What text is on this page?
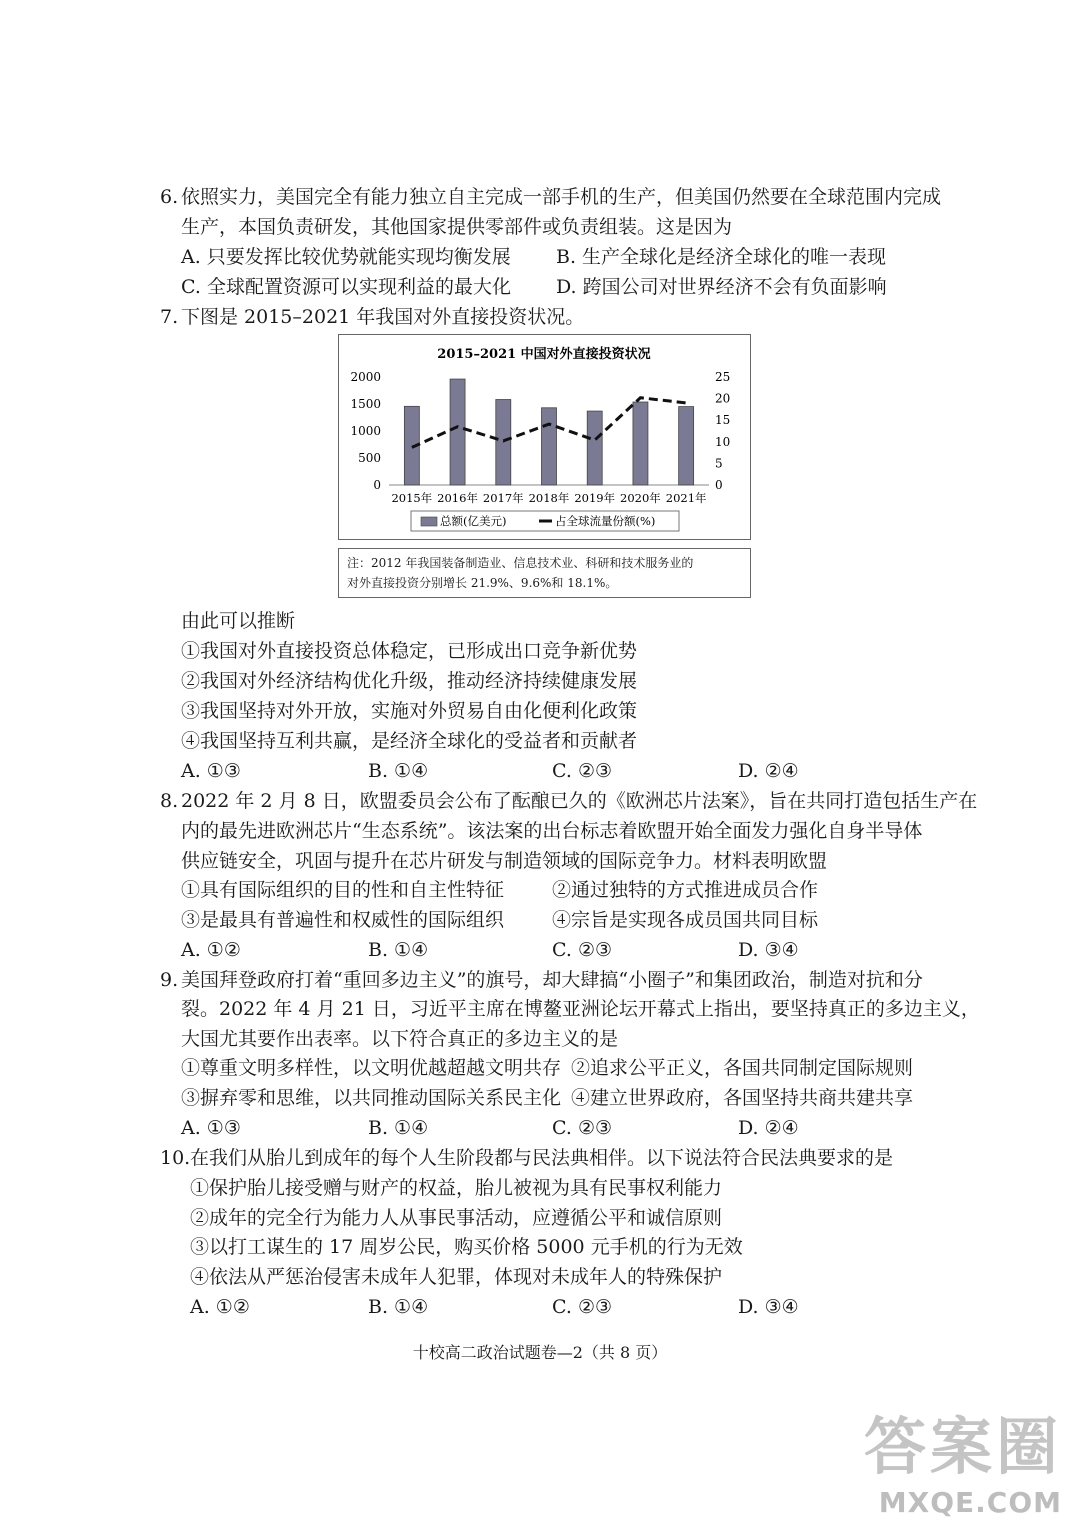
6. 依照实力，美国完全有能力独立自主完成一部手机的生产，但美国仍然要在全球范围内完成
生产，本国负责研发，其他国家提供零部件或负责组装。这是因为
A. 只要发挥比较优势就能实现均衡发展 B. 生产全球化是经济全球化的唯一表现
C. 全球配置资源可以实现利益的最大化 D. 跨国公司对世界经济不会有负面影响
7. 下图是 2015–2021 年我国对外直接投资状况。
2015–2021 中国对外直接投资状况
0
500
1000
1500
2000
0
5
10
15
20
25
2015年 2016年 2017年 2018年 2019年 2020年 2021年
总额(亿美元)	占全球流量份额(%)
注：2012 年我国装备制造业、信息技术业、科研和技术服务业的
对外直接投资分别增长 21.9%、9.6%和 18.1%。
由此可以推断
①我国对外直接投资总体稳定，已形成出口竞争新优势
②我国对外经济结构优化升级，推动经济持续健康发展
③我国坚持对外开放，实施对外贸易自由化便利化政策
④我国坚持互利共赢，是经济全球化的受益者和贡献者
A. ①③	B. ①④	C. ②③	D. ②④
8. 2022 年 2 月 8 日，欧盟委员会公布了酝酿已久的《欧洲芯片法案》，旨在共同打造包括生产在
内的最先进欧洲芯片“生态系统”。该法案的出台标志着欧盟开始全面发力强化自身半导体
供应链安全，巩固与提升在芯片研发与制造领域的国际竞争力。材料表明欧盟
①具有国际组织的目的性和自主性特征	②通过独特的方式推进成员合作
③是最具有普遍性和权威性的国际组织	④宗旨是实现各成员国共同目标
A. ①②	B. ①④	C. ②③	D. ③④
9. 美国拜登政府打着“重回多边主义”的旗号，却大肆搞“小圈子”和集团政治，制造对抗和分
裂。2022 年 4 月 21 日，习近平主席在博鳌亚洲论坛开幕式上指出，要坚持真正的多边主义，
大国尤其要作出表率。以下符合真正的多边主义的是
①尊重文明多样性，以文明优越超越文明共存 ②追求公平正义，各国共同制定国际规则
③摒弃零和思维，以共同推动国际关系民主化 ④建立世界政府，各国坚持共商共建共享
A. ①③	B. ①④	C. ②③	D. ②④
10. 在我们从胎儿到成年的每个人生阶段都与民法典相伴。以下说法符合民法典要求的是
①保护胎儿接受赠与财产的权益，胎儿被视为具有民事权利能力
②成年的完全行为能力人从事民事活动，应遵循公平和诚信原则
③以打工谋生的 17 周岁公民，购买价格 5000 元手机的行为无效
④依法从严惩治侵害未成年人犯罪，体现对未成年人的特殊保护
A. ①②	B. ①④	C. ②③	D. ③④
十校高二政治试题卷—2（共 8 页）
答案圈
MXQE.COM
